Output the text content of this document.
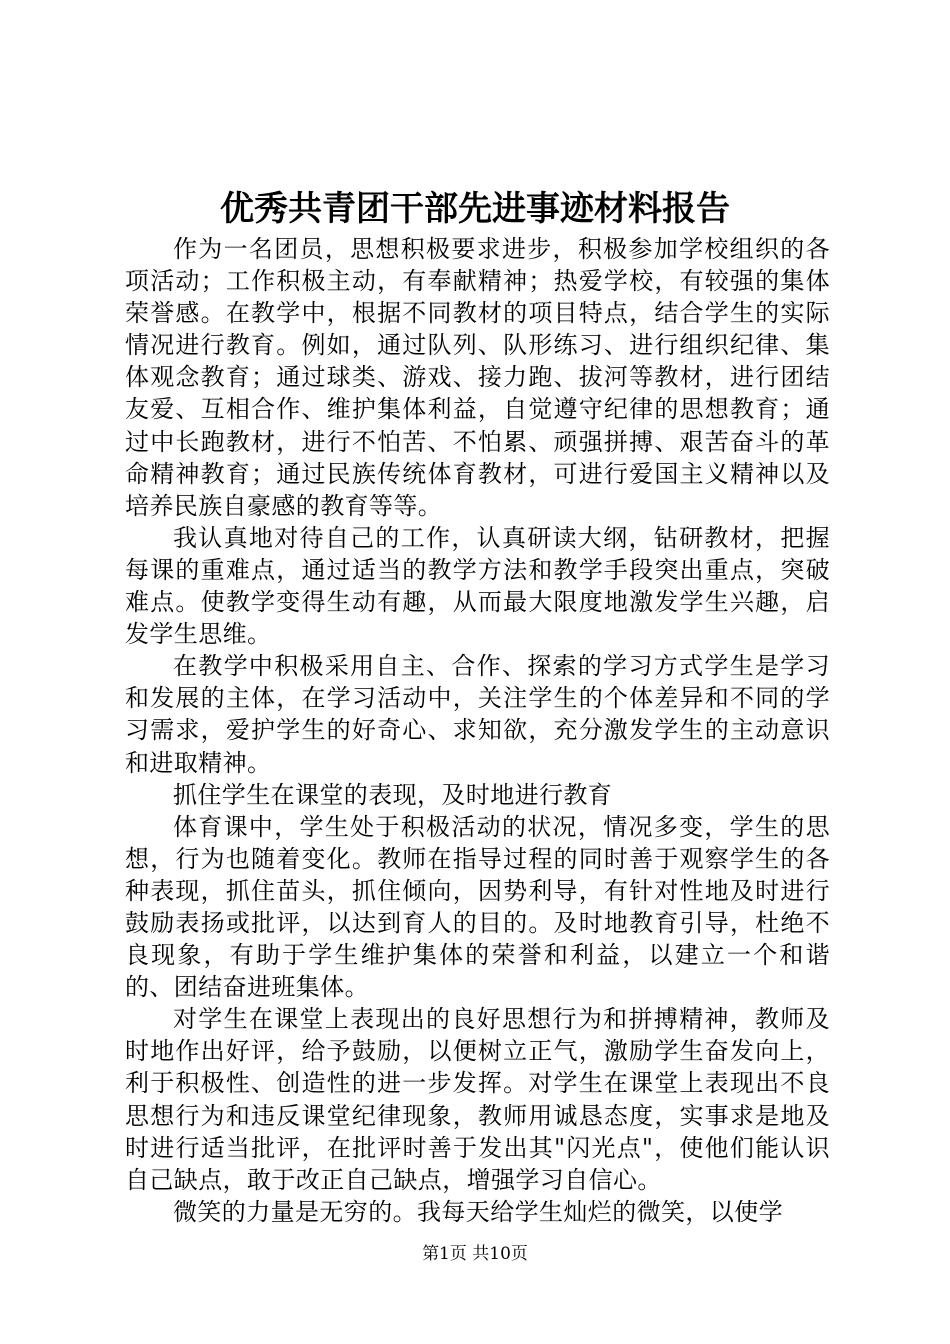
优秀共青团干部先进事迹材料报告

作为一名团员，思想积极要求进步，积极参加学校组织的各项活动；工作积极主动，有奉献精神；热爱学校，有较强的集体荣誉感。在教学中，根据不同教材的项目特点，结合学生的实际情况进行教育。例如，通过队列、队形练习、进行组织纪律、集体观念教育；通过球类、游戏、接力跑、拔河等教材，进行团结友爱、互相合作、维护集体利益，自觉遵守纪律的思想教育；通过中长跑教材，进行不怕苦、不怕累、顽强拼搏、艰苦奋斗的革命精神教育；通过民族传统体育教材，可进行爱国主义精神以及培养民族自豪感的教育等等。

我认真地对待自己的工作，认真研读大纲，钻研教材，把握每课的重难点，通过适当的教学方法和教学手段突出重点，突破难点。使教学变得生动有趣，从而最大限度地激发学生兴趣，启发学生思维。

在教学中积极采用自主、合作、探索的学习方式学生是学习和发展的主体，在学习活动中，关注学生的个体差异和不同的学习需求，爱护学生的好奇心、求知欲，充分激发学生的主动意识和进取精神。

抓住学生在课堂的表现，及时地进行教育

体育课中，学生处于积极活动的状况，情况多变，学生的思想，行为也随着变化。教师在指导过程的同时善于观察学生的各种表现，抓住苗头，抓住倾向，因势利导，有针对性地及时进行鼓励表扬或批评，以达到育人的目的。及时地教育引导，杜绝不良现象，有助于学生维护集体的荣誉和利益，以建立一个和谐的、团结奋进班集体。

对学生在课堂上表现出的良好思想行为和拼搏精神，教师及时地作出好评，给予鼓励，以便树立正气，激励学生奋发向上，利于积极性、创造性的进一步发挥。对学生在课堂上表现出不良思想行为和违反课堂纪律现象，教师用诚恳态度，实事求是地及时进行适当批评，在批评时善于发出其"闪光点"，使他们能认识自己缺点，敢于改正自己缺点，增强学习自信心。

微笑的力量是无穷的。我每天给学生灿烂的微笑，以使学

第1页 共10页
